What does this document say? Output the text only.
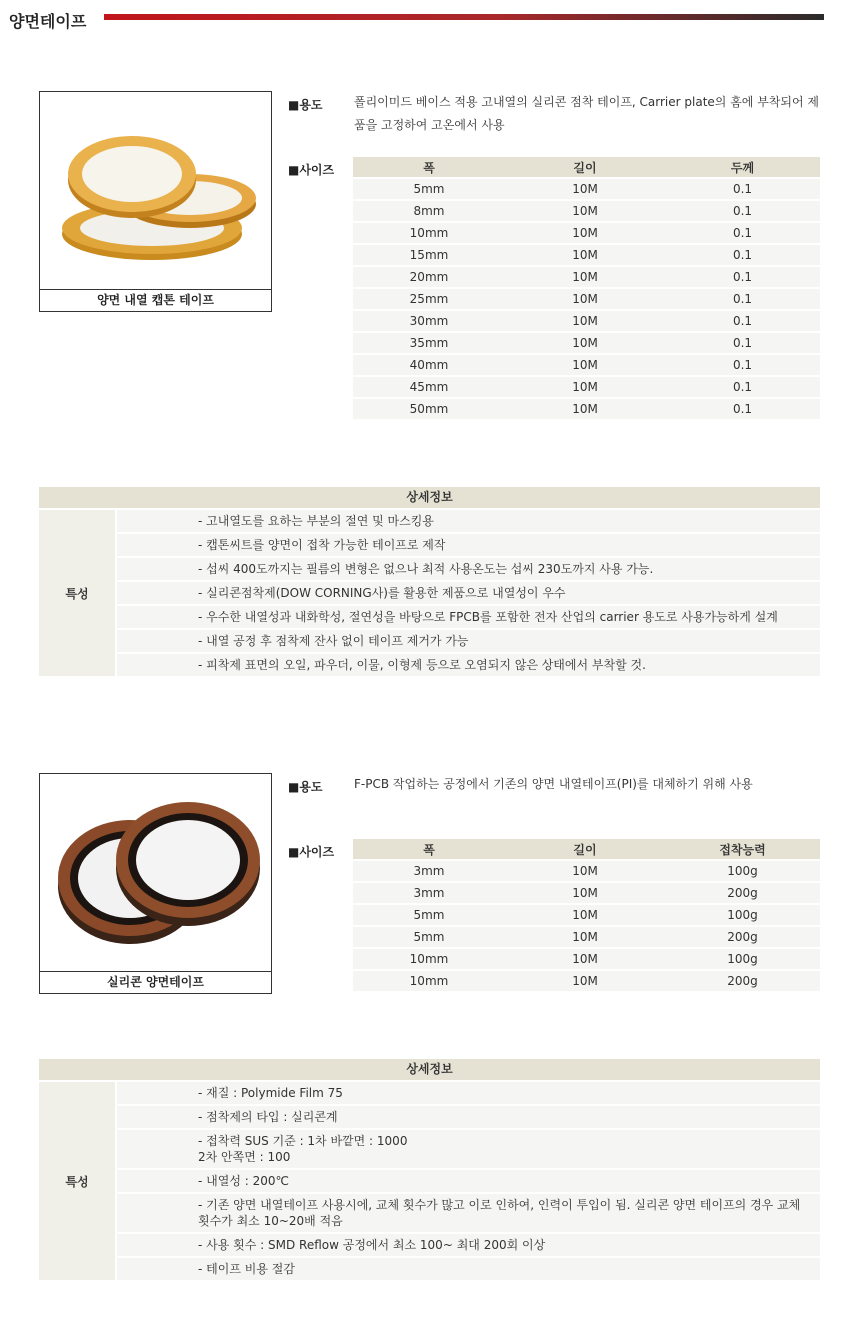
양면테이프
양면 내열 캡톤 테이프
■용도	폴리이미드 베이스 적용 고내열의 실리콘 점착 테이프, Carrier plate의 홈에 부착되어 제품을 고정하여 고온에서 사용
■사이즈	폭	길이	두께
5mm	10M	0.1
8mm	10M	0.1
10mm	10M	0.1
15mm	10M	0.1
20mm	10M	0.1
25mm	10M	0.1
30mm	10M	0.1
35mm	10M	0.1
40mm	10M	0.1
45mm	10M	0.1
50mm	10M	0.1
상세정보
특성
- 고내열도를 요하는 부분의 절연 및 마스킹용
- 캡톤씨트를 양면이 접착 가능한 테이프로 제작
- 섭씨 400도까지는 필름의 변형은 없으나 최적 사용온도는 섭씨 230도까지 사용 가능.
- 실리콘점착제(DOW CORNING사)를 활용한 제품으로 내열성이 우수
- 우수한 내열성과 내화학성, 절연성을 바탕으로 FPCB를 포함한 전자 산업의 carrier 용도로 사용가능하게 설계
- 내열 공정 후 점착제 잔사 없이 테이프 제거가 가능
- 피착제 표면의 오일, 파우더, 이물, 이형제 등으로 오염되지 않은 상태에서 부착할 것.
실리콘 양면테이프
■용도	F-PCB 작업하는 공정에서 기존의 양면 내열테이프(PI)를 대체하기 위해 사용
■사이즈	폭	길이	접착능력
3mm	10M	100g
3mm	10M	200g
5mm	10M	100g
5mm	10M	200g
10mm	10M	100g
10mm	10M	200g
상세정보
특성
- 재질 : Polymide Film 75
- 점착제의 타입 : 실리콘계
- 접착력 SUS 기준 : 1차 바깥면 : 1000
2차 안쪽면 : 100
- 내열성 : 200℃
- 기존 양면 내열테이프 사용시에, 교체 횟수가 많고 이로 인하여, 인력이 투입이 됨. 실리콘 양면 테이프의 경우 교체 횟수가 최소 10~20배 적음
- 사용 횟수 : SMD Reflow 공정에서 최소 100~ 최대 200회 이상
- 테이프 비용 절감
